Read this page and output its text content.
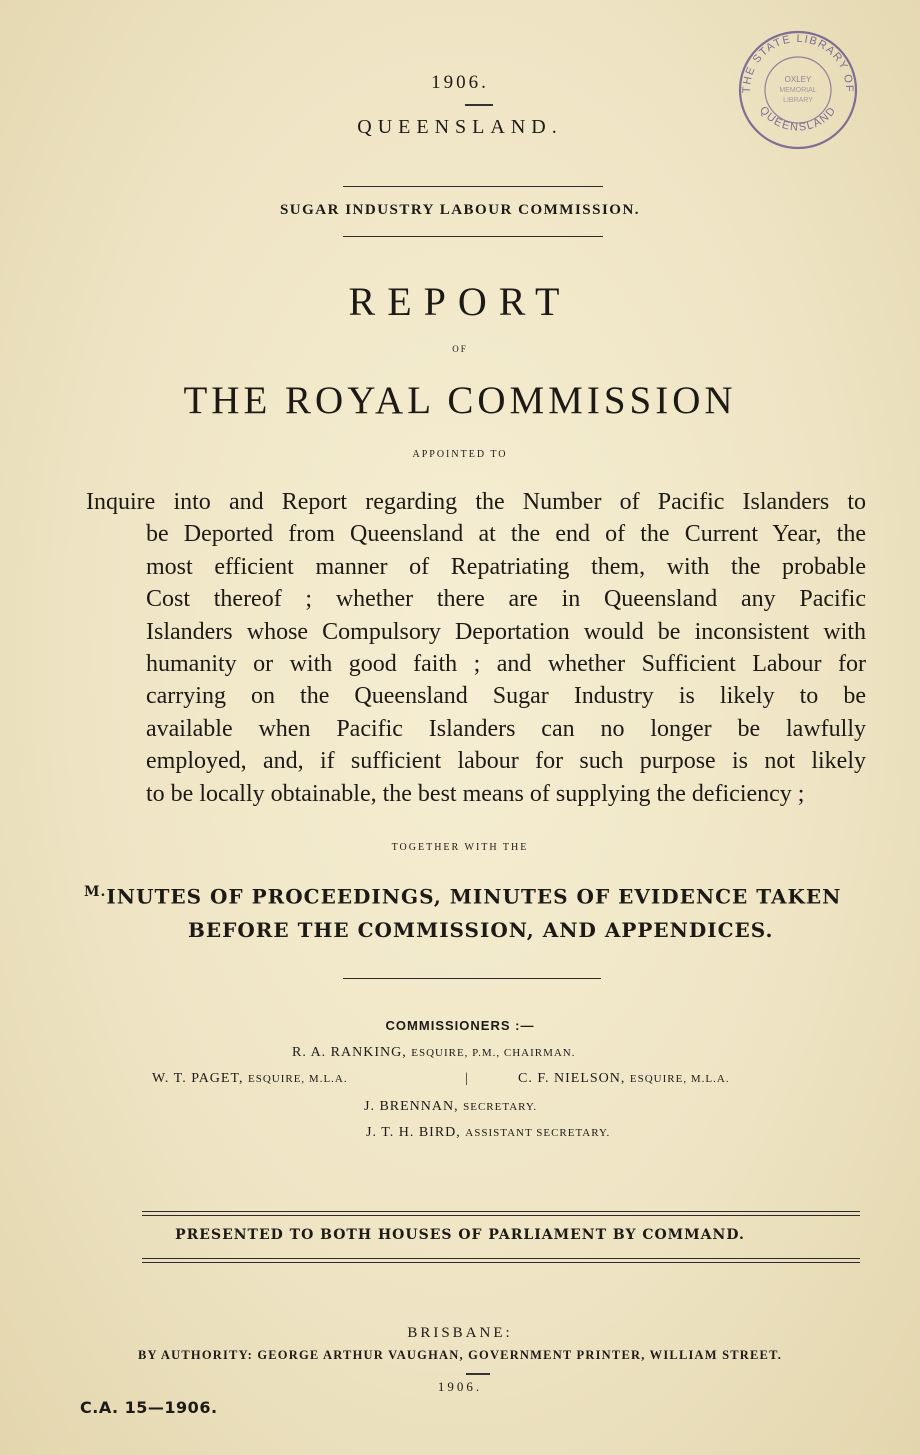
THE STATE LIBRARY OF
QUEENSLAND
OXLEY
MEMORIAL
LIBRARY
1906.
QUEENSLAND.
SUGAR INDUSTRY LABOUR COMMISSION.
REPORT
OF
THE ROYAL COMMISSION
APPOINTED TO
Inquire into and Report regarding the Number of Pacific Islanders to
be Deported from Queensland at the end of the Current Year, the
most efficient manner of Repatriating them, with the probable
Cost thereof ; whether there are in Queensland any Pacific
Islanders whose Compulsory Deportation would be inconsistent with
humanity or with good faith ; and whether Sufficient Labour for
carrying on the Queensland Sugar Industry is likely to be
available when Pacific Islanders can no longer be lawfully
employed, and, if sufficient labour for such purpose is not likely
to be locally obtainable, the best means of supplying the deficiency ;
TOGETHER WITH THE
$^{M.}$INUTES OF PROCEEDINGS, MINUTES OF EVIDENCE TAKEN
BEFORE THE COMMISSION, AND APPENDICES.
COMMISSIONERS :—
R. A. RANKING, ESQUIRE, P.M., CHAIRMAN.
W. T. PAGET, ESQUIRE, M.L.A.	|	C. F. NIELSON, ESQUIRE, M.L.A.
J. BRENNAN, SECRETARY.
J. T. H. BIRD, ASSISTANT SECRETARY.
PRESENTED TO BOTH HOUSES OF PARLIAMENT BY COMMAND.
BRISBANE:
BY AUTHORITY: GEORGE ARTHUR VAUGHAN, GOVERNMENT PRINTER, WILLIAM STREET.
1906.
C.A. 15—1906.
